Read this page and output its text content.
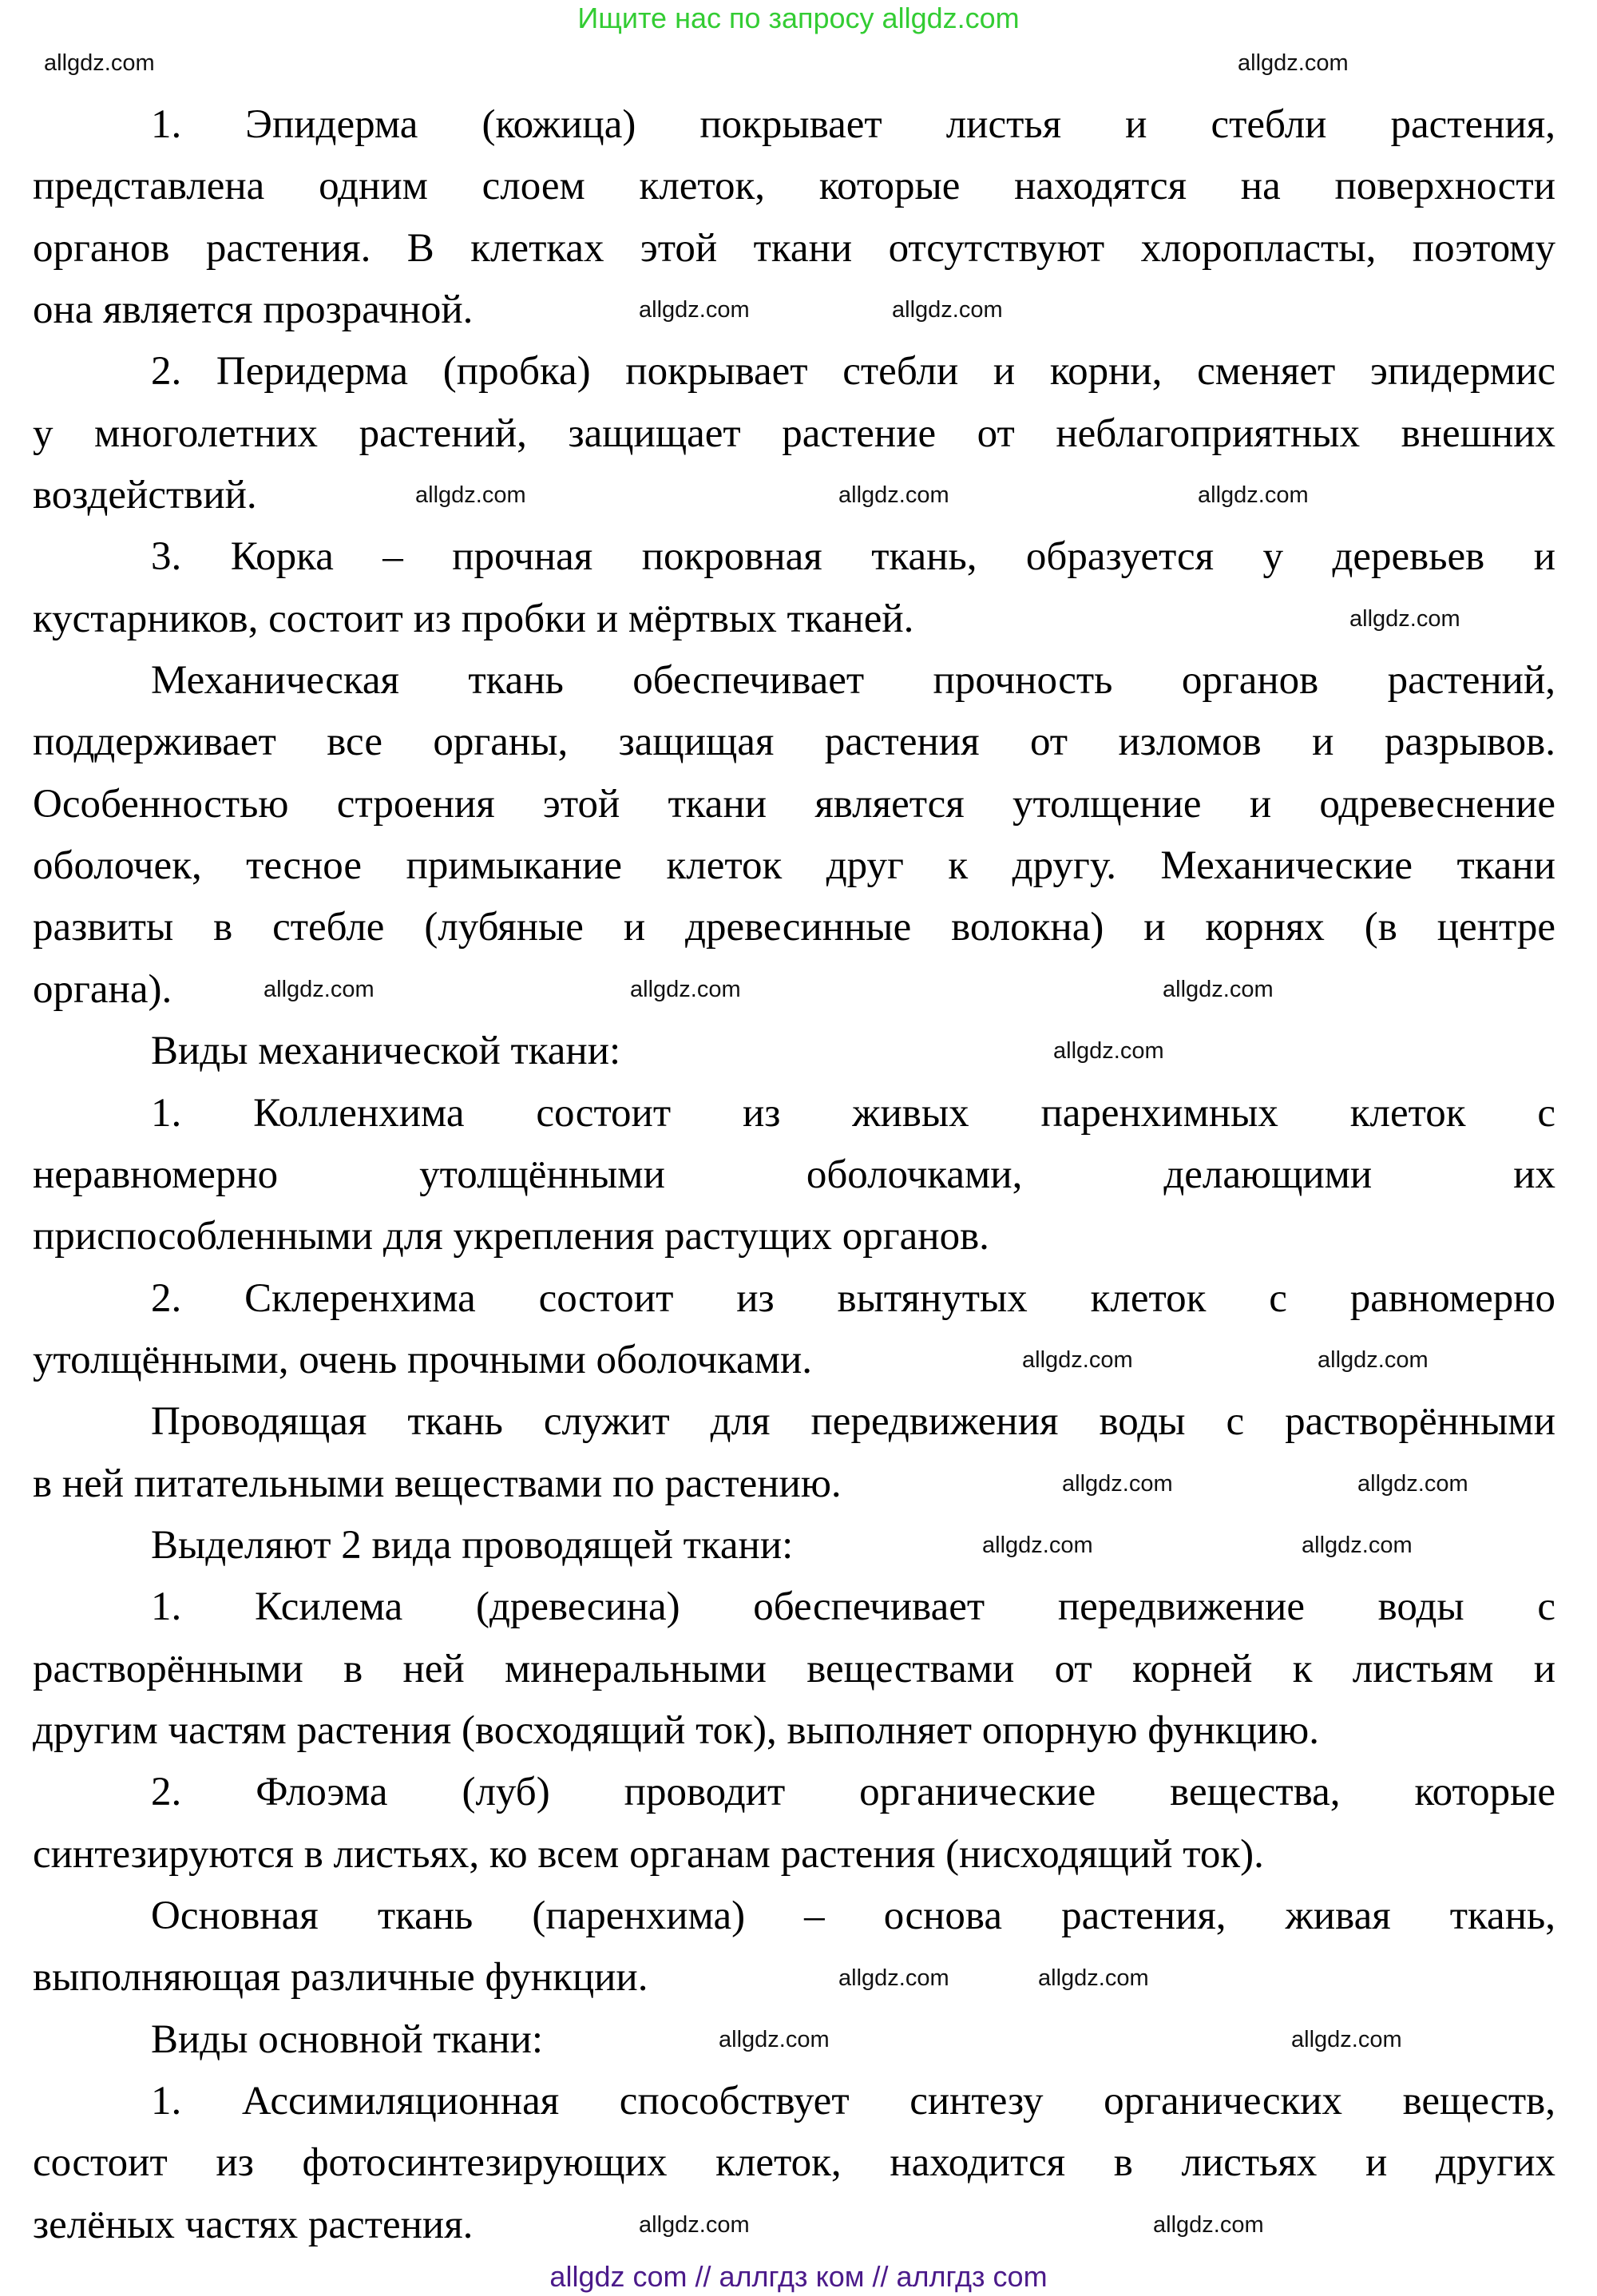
Ищите нас по запросу allgdz.com
1. Эпидерма (кожица) покрывает листья и стебли растения,
представлена одним слоем клеток, которые находятся на поверхности
органов растения. В клетках этой ткани отсутствуют хлоропласты, поэтому
она является прозрачной.
2. Перидерма (пробка) покрывает стебли и корни, сменяет эпидермис
у многолетних растений, защищает растение от неблагоприятных внешних
воздействий.
3. Корка – прочная покровная ткань, образуется у деревьев и
кустарников, состоит из пробки и мёртвых тканей.
Механическая ткань обеспечивает прочность органов растений,
поддерживает все органы, защищая растения от изломов и разрывов.
Особенностью строения этой ткани является утолщение и одревеснение
оболочек, тесное примыкание клеток друг к другу. Механические ткани
развиты в стебле (лубяные и древесинные волокна) и корнях (в центре
органа).
Виды механической ткани:
1. Колленхима состоит из живых паренхимных клеток с
неравномерно утолщёнными оболочками, делающими их
приспособленными для укрепления растущих органов.
2. Склеренхима состоит из вытянутых клеток с равномерно
утолщёнными, очень прочными оболочками.
Проводящая ткань служит для передвижения воды с растворёнными
в ней питательными веществами по растению.
Выделяют 2 вида проводящей ткани:
1. Ксилема (древесина) обеспечивает передвижение воды с
растворёнными в ней минеральными веществами от корней к листьям и
другим частям растения (восходящий ток), выполняет опорную функцию.
2. Флоэма (луб) проводит органические вещества, которые
синтезируются в листьях, ко всем органам растения (нисходящий ток).
Основная ткань (паренхима) – основа растения, живая ткань,
выполняющая различные функции.
Виды основной ткани:
1. Ассимиляционная способствует синтезу органических веществ,
состоит из фотосинтезирующих клеток, находится в листьях и других
зелёных частях растения.
allgdz.com	allgdz.com
allgdz.com	allgdz.com
allgdz.com
allgdz.com
allgdz.com	allgdz.com
allgdz.com
allgdz.com
allgdz.com
allgdz.com
allgdz.com	allgdz.com
allgdz.com	allgdz.com
allgdz.com	allgdz.com
allgdz.com	allgdz.com
allgdz.com
allgdz.com
allgdz.com	allgdz.com
allgdz com // аллгдз ком // аллгдз com
